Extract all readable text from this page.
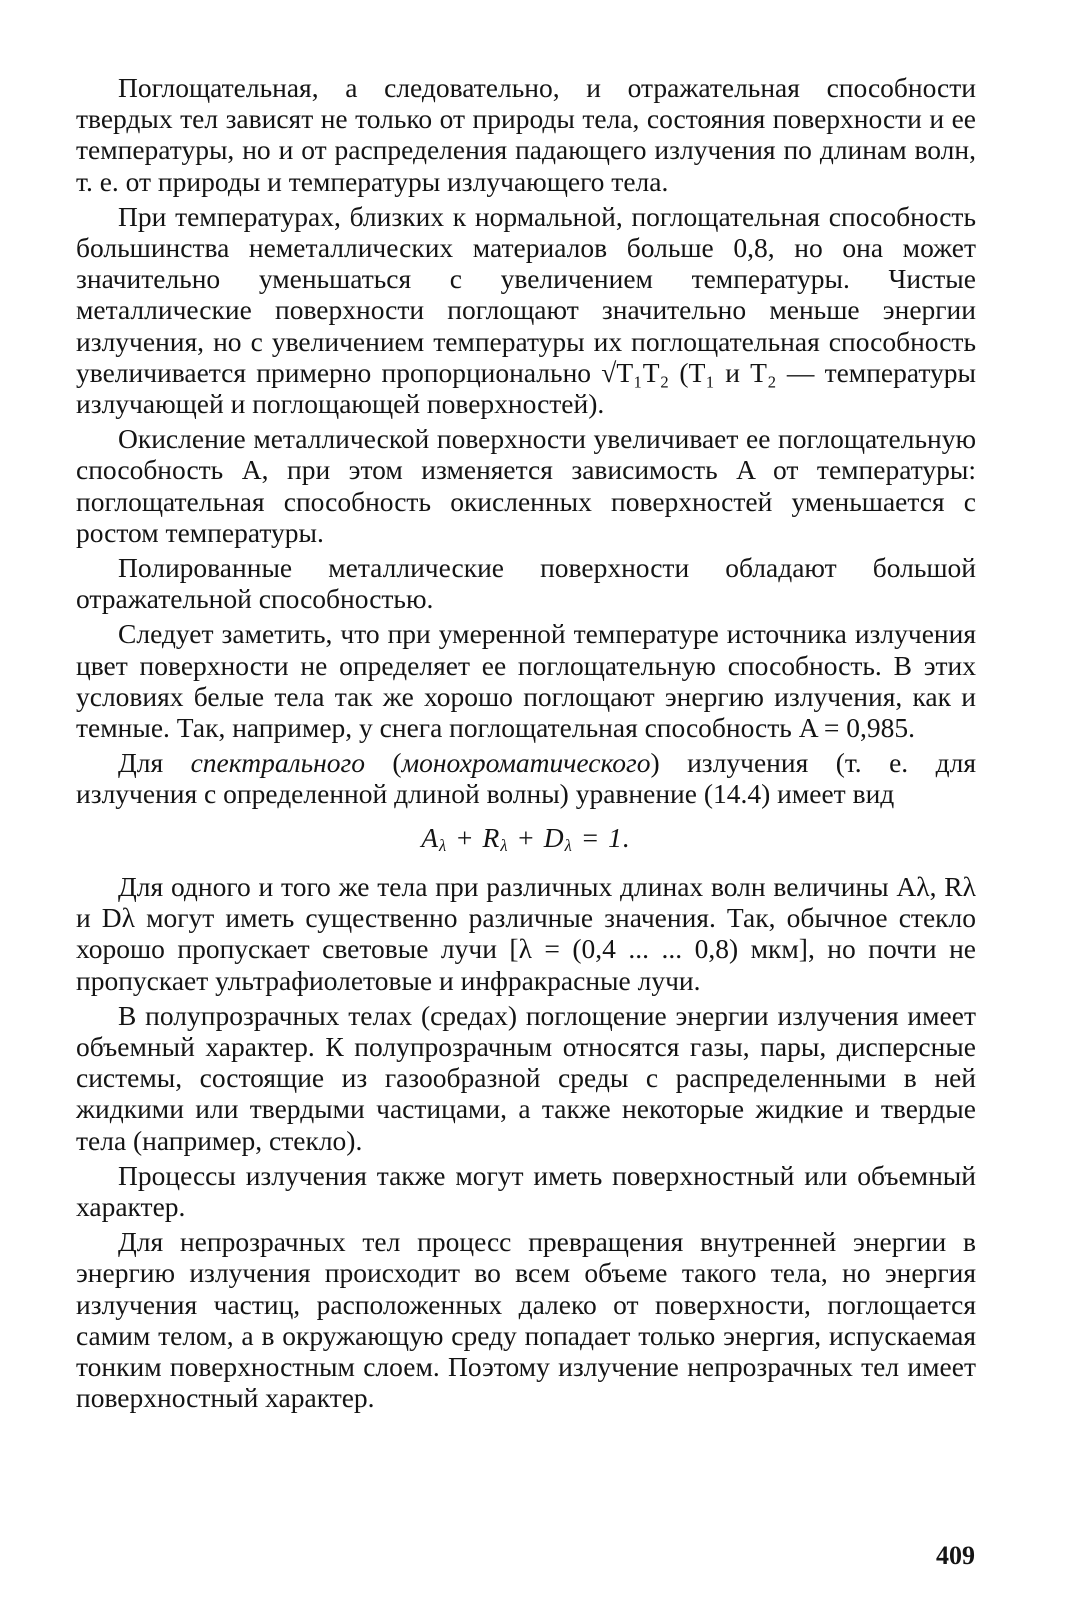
Поглощательная, а следовательно, и отражательная способности твердых тел зависят не только от природы тела, состояния поверхности и ее температуры, но и от распределения падающего излучения по длинам волн, т. е. от природы и температуры излучающего тела.

При температурах, близких к нормальной, поглощательная способность большинства неметаллических материалов больше 0,8, но она может значительно уменьшаться с увеличением температуры. Чистые металлические поверхности поглощают значительно меньше энергии излучения, но с увеличением температуры их поглощательная способность увеличивается примерно пропорционально √T₁T₂ (T₁ и T₂ — температуры излучающей и поглощающей поверхностей).

Окисление металлической поверхности увеличивает ее поглощательную способность A, при этом изменяется зависимость A от температуры: поглощательная способность окисленных поверхностей уменьшается с ростом температуры.

Полированные металлические поверхности обладают большой отражательной способностью.

Следует заметить, что при умеренной температуре источника излучения цвет поверхности не определяет ее поглощательную способность. В этих условиях белые тела так же хорошо поглощают энергию излучения, как и темные. Так, например, у снега поглощательная способность A = 0,985.

Для спектрального (монохроматического) излучения (т. е. для излучения с определенной длиной волны) уравнение (14.4) имеет вид

$A_\lambda + R_\lambda + D_\lambda = 1$.

Для одного и того же тела при различных длинах волн величины Aλ, Rλ и Dλ могут иметь существенно различные значения. Так, обычное стекло хорошо пропускает световые лучи [λ = (0,4 ... ... 0,8) мкм], но почти не пропускает ультрафиолетовые и инфракрасные лучи.

В полупрозрачных телах (средах) поглощение энергии излучения имеет объемный характер. К полупрозрачным относятся газы, пары, дисперсные системы, состоящие из газообразной среды с распределенными в ней жидкими или твердыми частицами, а также некоторые жидкие и твердые тела (например, стекло).

Процессы излучения также могут иметь поверхностный или объемный характер.

Для непрозрачных тел процесс превращения внутренней энергии в энергию излучения происходит во всем объеме такого тела, но энергия излучения частиц, расположенных далеко от поверхности, поглощается самим телом, а в окружающую среду попадает только энергия, испускаемая тонким поверхностным слоем. Поэтому излучение непрозрачных тел имеет поверхностный характер.

409
